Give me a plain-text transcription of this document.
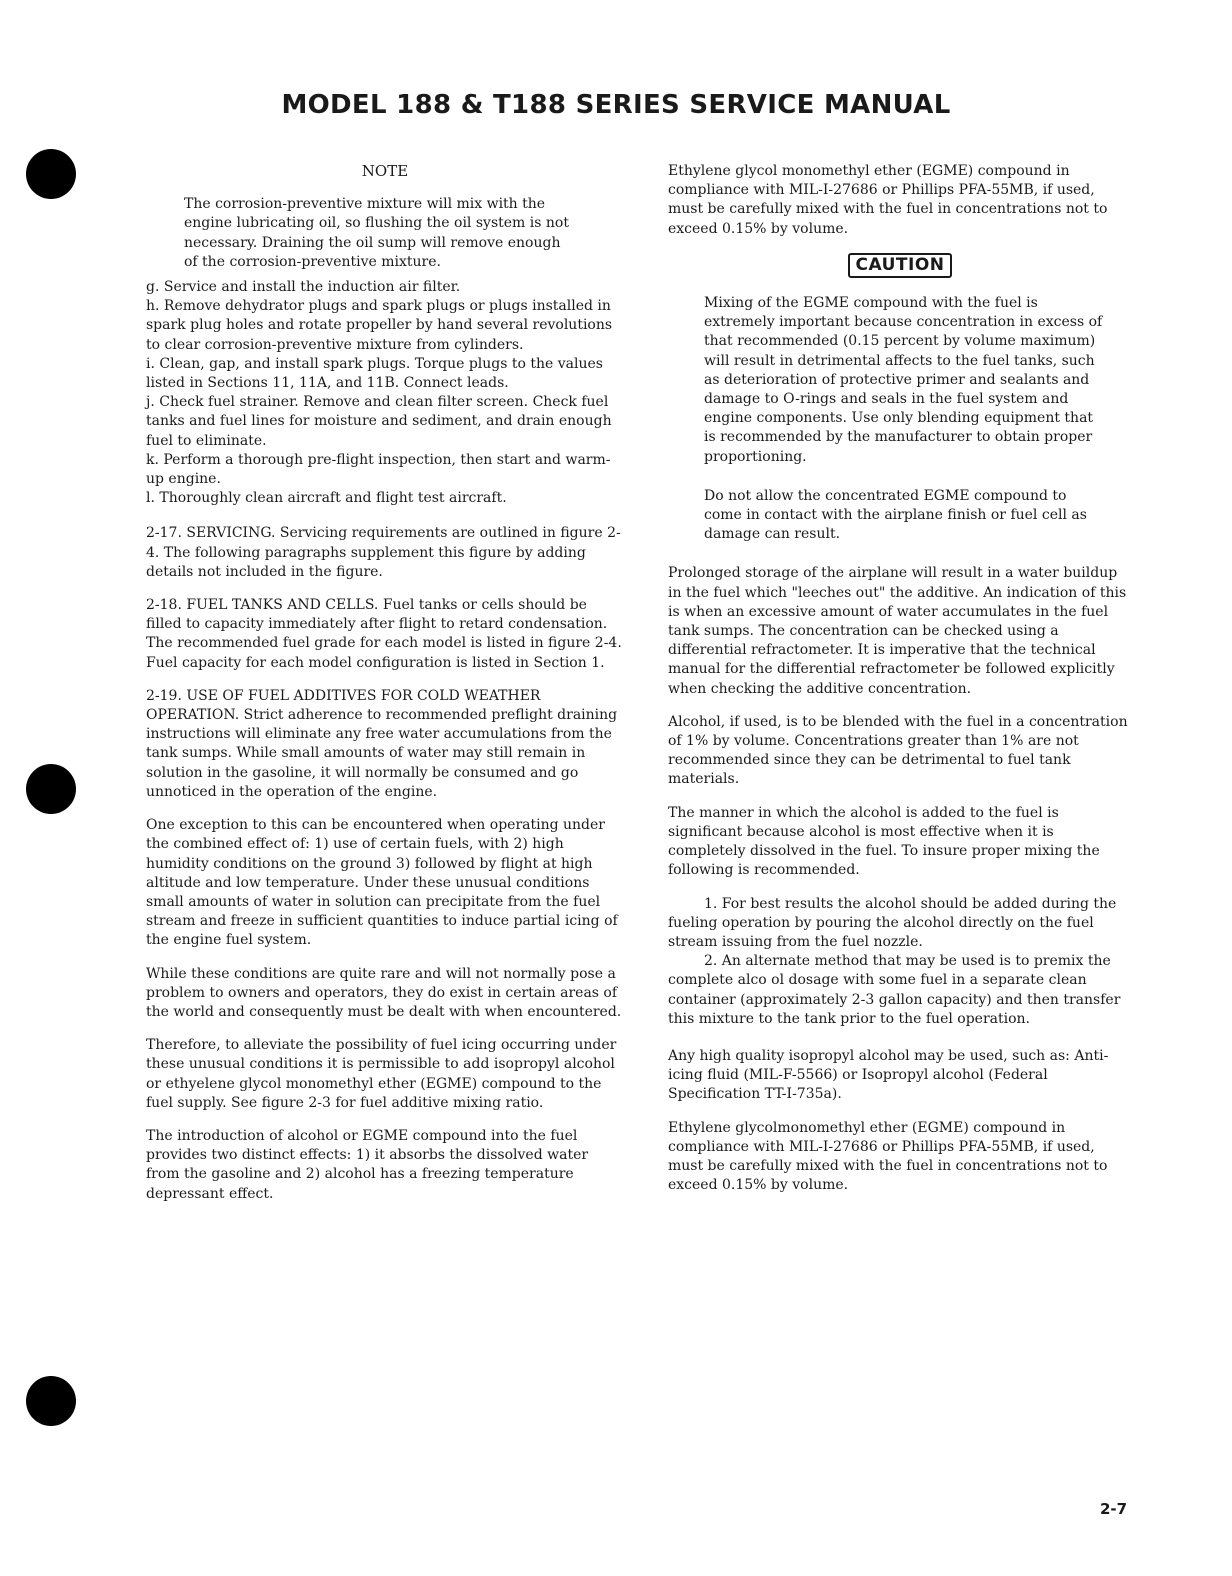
MODEL 188 & T188 SERIES SERVICE MANUAL

NOTE

The corrosion-preventive mixture will mix with the engine lubricating oil, so flushing the oil system is not necessary. Draining the oil sump will remove enough of the corrosion-preventive mixture.

g. Service and install the induction air filter.

h. Remove dehydrator plugs and spark plugs or plugs installed in spark plug holes and rotate propeller by hand several revolutions to clear corrosion-preventive mixture from cylinders.

i. Clean, gap, and install spark plugs. Torque plugs to the values listed in Sections 11, 11A, and 11B. Connect leads.

j. Check fuel strainer. Remove and clean filter screen. Check fuel tanks and fuel lines for moisture and sediment, and drain enough fuel to eliminate.

k. Perform a thorough pre-flight inspection, then start and warm-up engine.

l. Thoroughly clean aircraft and flight test aircraft.

2-17. SERVICING. Servicing requirements are outlined in figure 2-4. The following paragraphs supplement this figure by adding details not included in the figure.

2-18. FUEL TANKS AND CELLS. Fuel tanks or cells should be filled to capacity immediately after flight to retard condensation. The recommended fuel grade for each model is listed in figure 2-4. Fuel capacity for each model configuration is listed in Section 1.

2-19. USE OF FUEL ADDITIVES FOR COLD WEATHER OPERATION. Strict adherence to recommended preflight draining instructions will eliminate any free water accumulations from the tank sumps. While small amounts of water may still remain in solution in the gasoline, it will normally be consumed and go unnoticed in the operation of the engine.

One exception to this can be encountered when operating under the combined effect of: 1) use of certain fuels, with 2) high humidity conditions on the ground 3) followed by flight at high altitude and low temperature. Under these unusual conditions small amounts of water in solution can precipitate from the fuel stream and freeze in sufficient quantities to induce partial icing of the engine fuel system.

While these conditions are quite rare and will not normally pose a problem to owners and operators, they do exist in certain areas of the world and consequently must be dealt with when encountered.

Therefore, to alleviate the possibility of fuel icing occurring under these unusual conditions it is permissible to add isopropyl alcohol or ethyelene glycol monomethyl ether (EGME) compound to the fuel supply. See figure 2-3 for fuel additive mixing ratio.

The introduction of alcohol or EGME compound into the fuel provides two distinct effects: 1) it absorbs the dissolved water from the gasoline and 2) alcohol has a freezing temperature depressant effect.

Ethylene glycol monomethyl ether (EGME) compound in compliance with MIL-I-27686 or Phillips PFA-55MB, if used, must be carefully mixed with the fuel in concentrations not to exceed 0.15% by volume.

CAUTION

Mixing of the EGME compound with the fuel is extremely important because concentration in excess of that recommended (0.15 percent by volume maximum) will result in detrimental affects to the fuel tanks, such as deterioration of protective primer and sealants and damage to O-rings and seals in the fuel system and engine components. Use only blending equipment that is recommended by the manufacturer to obtain proper proportioning.

Do not allow the concentrated EGME compound to come in contact with the airplane finish or fuel cell as damage can result.

Prolonged storage of the airplane will result in a water buildup in the fuel which "leeches out" the additive. An indication of this is when an excessive amount of water accumulates in the fuel tank sumps. The concentration can be checked using a differential refractometer. It is imperative that the technical manual for the differential refractometer be followed explicitly when checking the additive concentration.

Alcohol, if used, is to be blended with the fuel in a concentration of 1% by volume. Concentrations greater than 1% are not recommended since they can be detrimental to fuel tank materials.

The manner in which the alcohol is added to the fuel is significant because alcohol is most effective when it is completely dissolved in the fuel. To insure proper mixing the following is recommended.

1. For best results the alcohol should be added during the fueling operation by pouring the alcohol directly on the fuel stream issuing from the fuel nozzle.

2. An alternate method that may be used is to premix the complete alco ol dosage with some fuel in a separate clean container (approximately 2-3 gallon capacity) and then transfer this mixture to the tank prior to the fuel operation.

Any high quality isopropyl alcohol may be used, such as: Anti-icing fluid (MIL-F-5566) or Isopropyl alcohol (Federal Specification TT-I-735a).

Ethylene glycolmonomethyl ether (EGME) compound in compliance with MIL-I-27686 or Phillips PFA-55MB, if used, must be carefully mixed with the fuel in concentrations not to exceed 0.15% by volume.

2-7
